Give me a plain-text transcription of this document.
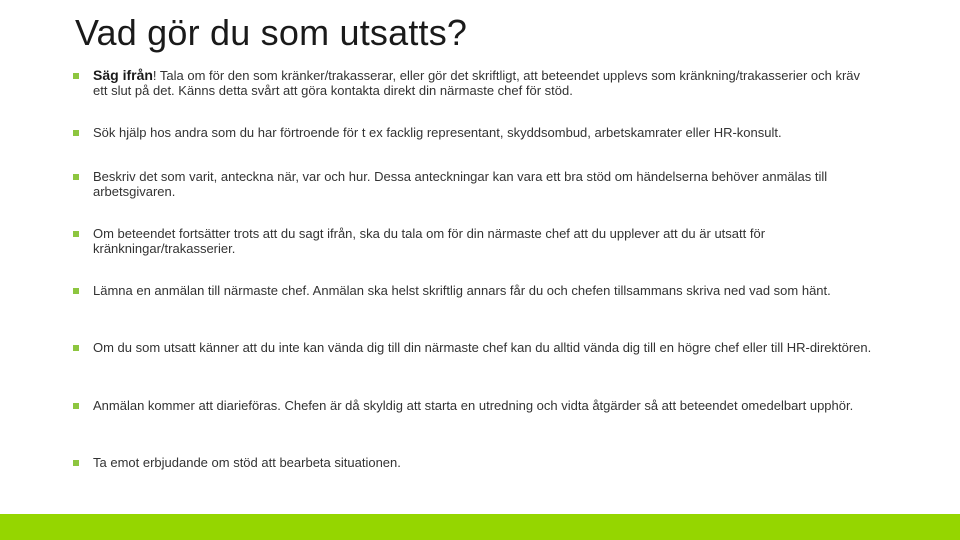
Vad gör du som utsatts?
Säg ifrån! Tala om för den som kränker/trakasserar, eller gör det skriftligt, att beteendet upplevs som kränkning/trakasserier och kräv ett slut på det. Känns detta svårt att göra kontakta direkt din närmaste chef för stöd.
Sök hjälp hos andra som du har förtroende för t ex facklig representant, skyddsombud, arbetskamrater eller HR-konsult.
Beskriv det som varit, anteckna när, var och hur. Dessa anteckningar kan vara ett bra stöd om händelserna behöver anmälas till arbetsgivaren.
Om beteendet fortsätter trots att du sagt ifrån, ska du tala om för din närmaste chef att du upplever att du är utsatt för kränkningar/trakasserier.
Lämna en anmälan till närmaste chef. Anmälan ska helst skriftlig annars får du och chefen tillsammans skriva ned vad som hänt.
Om du som utsatt känner att du inte kan vända dig till din närmaste chef kan du alltid vända dig till en högre chef eller till HR-direktören.
Anmälan kommer att diarieföras. Chefen är då skyldig att starta en utredning och vidta åtgärder så att beteendet omedelbart upphör.
Ta emot erbjudande om stöd att bearbeta situationen.
